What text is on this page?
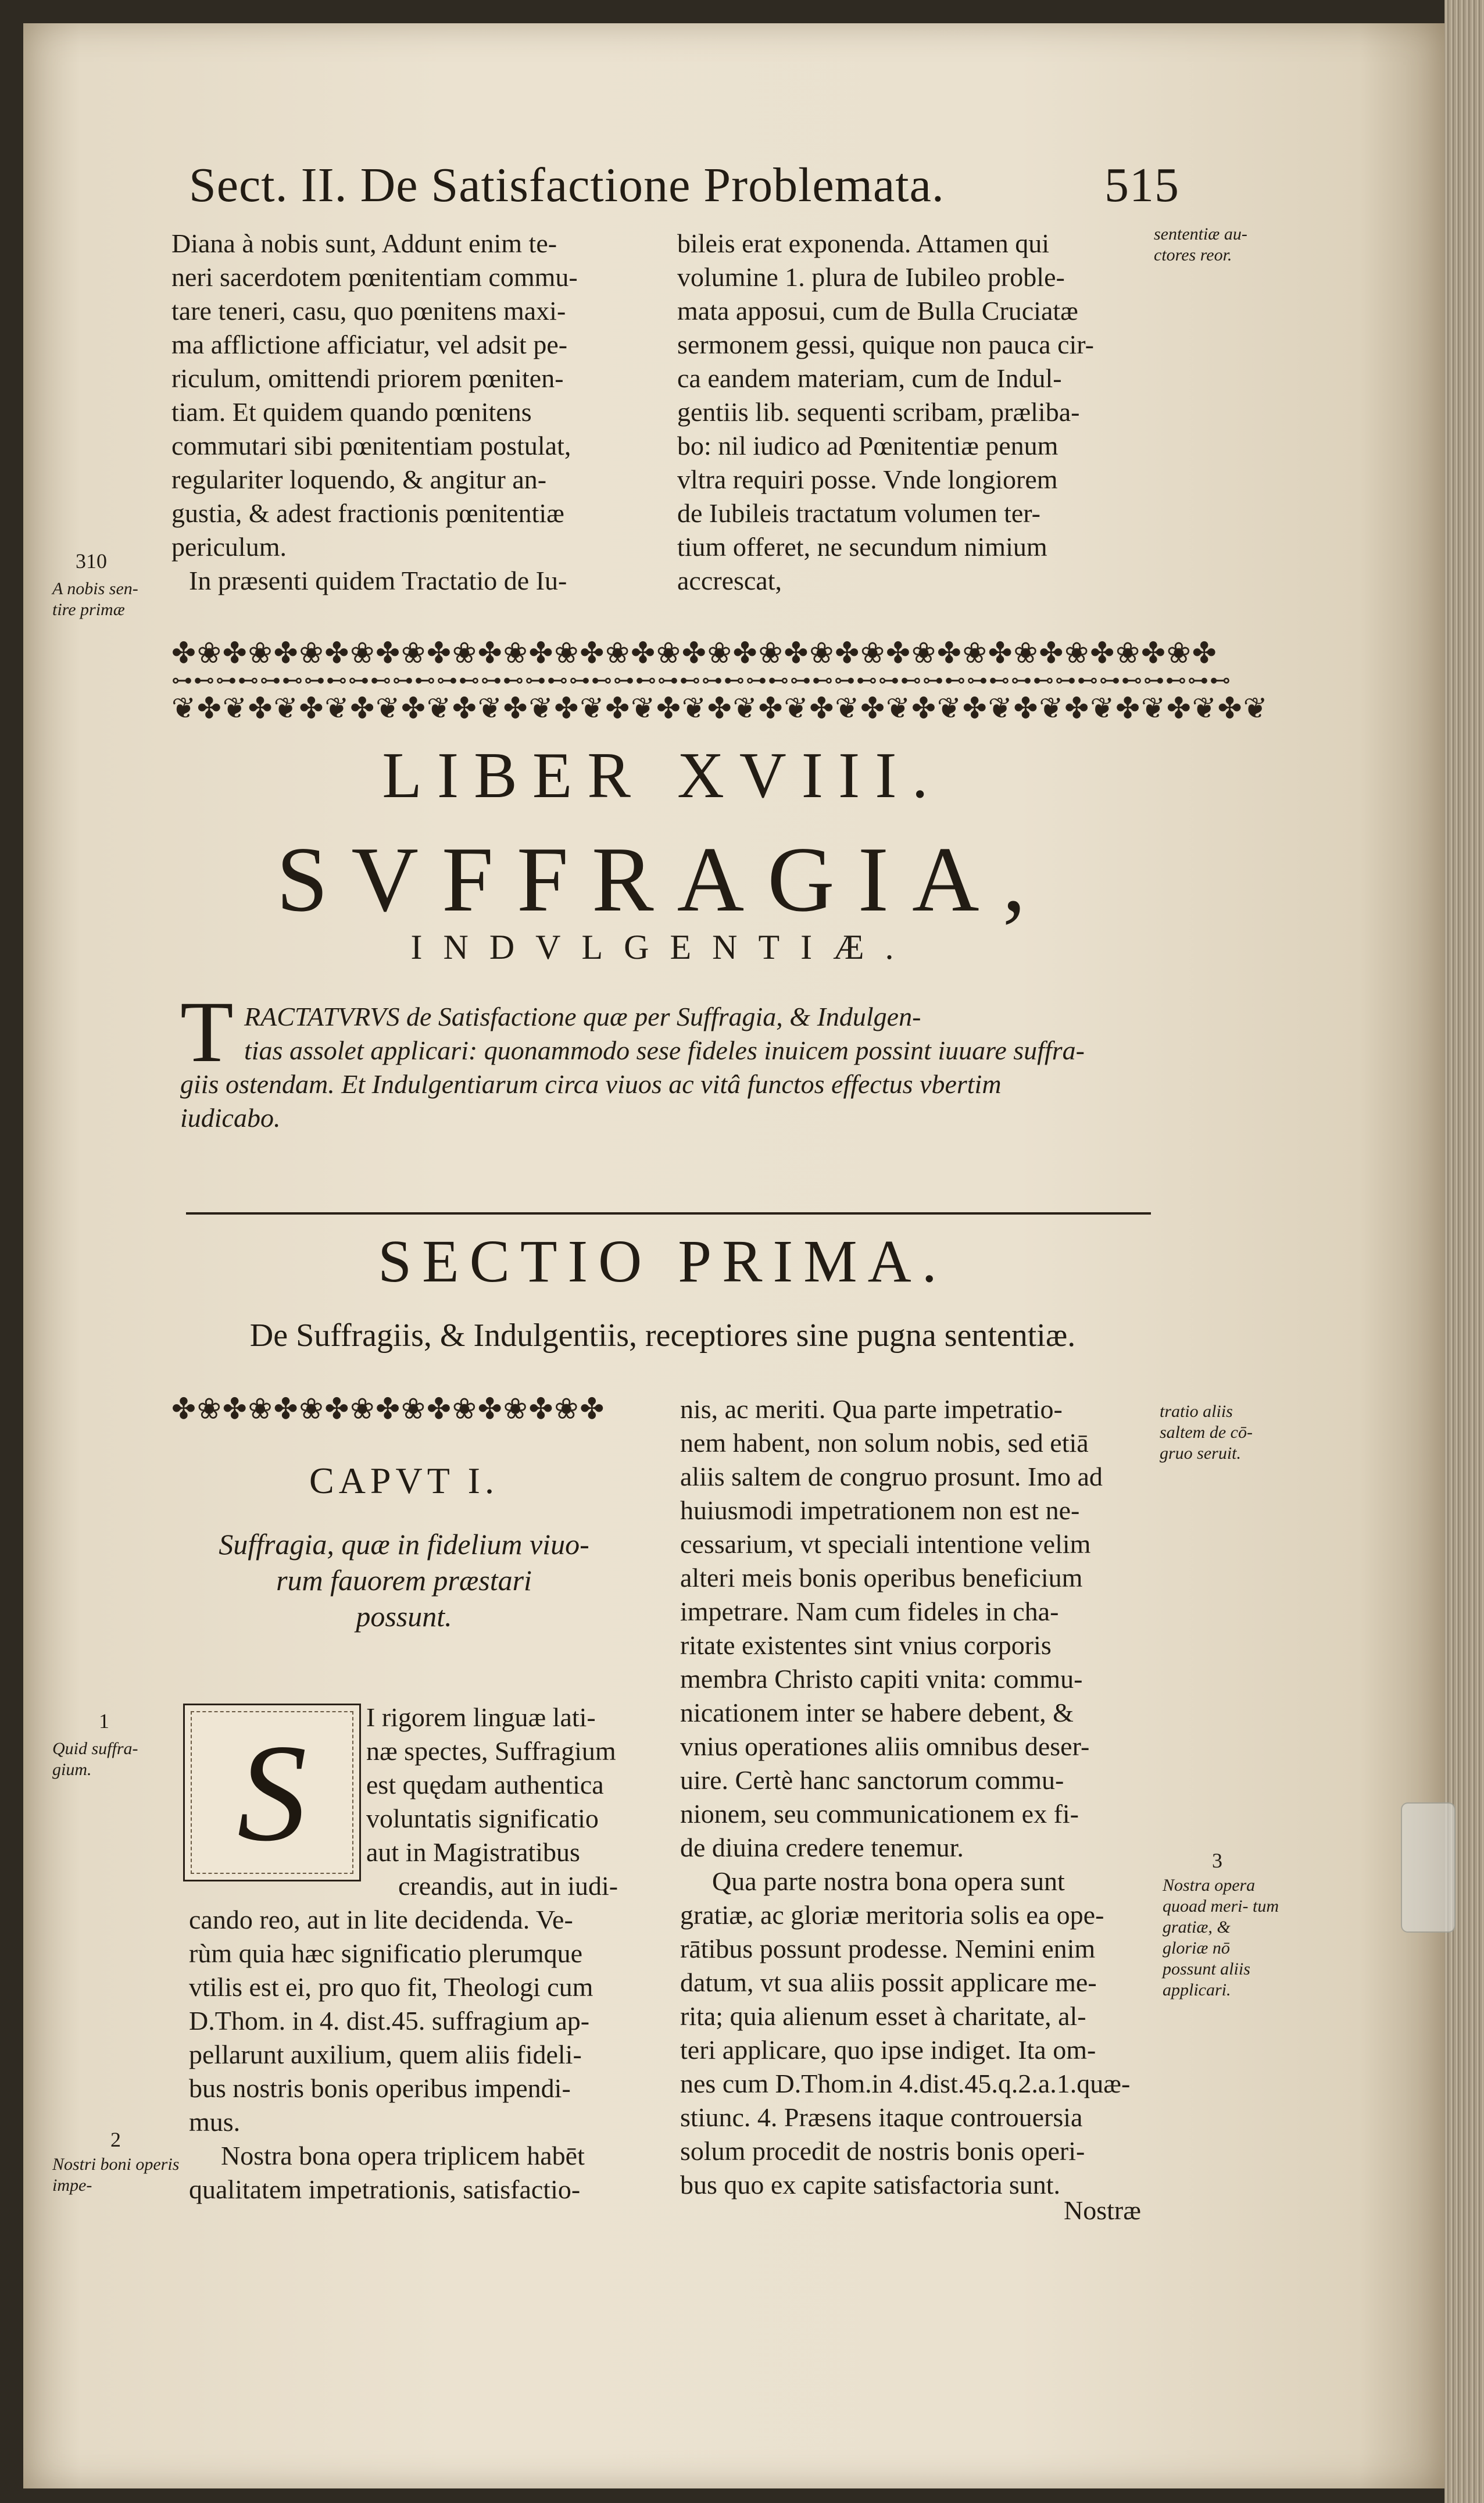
Sect. II. De Satisfactione Problemata.	515

Diana à nobis sunt, Addunt enim te-

neri sacerdotem pœnitentiam commu-

tare teneri, casu, quo pœnitens maxi-

ma afflictione afficiatur, vel adsit pe-

riculum, omittendi priorem pœniten-

tiam. Et quidem quando pœnitens

commutari sibi pœnitentiam postulat,

regulariter loquendo, & angitur an-

gustia, & adest fractionis pœnitentiæ

periculum.

In præsenti quidem Tractatio de Iu-

bileis erat exponenda. Attamen qui

volumine 1. plura de Iubileo proble-

mata apposui, cum de Bulla Cruciatæ

sermonem gessi, quique non pauca cir-

ca eandem materiam, cum de Indul-

gentiis lib. sequenti scribam, prælibа-

bo: nil iudico ad Pœnitentiæ penum

vltra requiri posse. Vnde longiorem

de Iubileis tractatum volumen ter-

tium offeret, ne secundum nimium

accrescat,

sententiæ au- ctores reor.
310
A nobis sen- tire primæ
✤❀✤❀✤❀✤❀✤❀✤❀✤❀✤❀✤❀✤❀✤❀✤❀✤❀✤❀✤❀✤❀✤❀✤❀✤❀✤❀✤
⊶⊷⊶⊷⊶⊷⊶⊷⊶⊷⊶⊷⊶⊷⊶⊷⊶⊷⊶⊷⊶⊷⊶⊷⊶⊷⊶⊷⊶⊷⊶⊷⊶⊷⊶⊷⊶⊷⊶⊷⊶⊷⊶⊷⊶⊷⊶⊷
❦✤❦✤❦✤❦✤❦✤❦✤❦✤❦✤❦✤❦✤❦✤❦✤❦✤❦✤❦✤❦✤❦✤❦✤❦✤❦✤❦✤❦
LIBER XVIII.
SVFFRAGIA,
INDVLGENTIÆ.
T RACTATVRVS de Satisfactione quæ per Suffragia, & Indulgen-

tias assolet applicari: quonammodo sese fideles inuicem possint iuuare suffra-

giis ostendam. Et Indulgentiarum circa viuos ac vitâ functos effectus vbertim

iudicabo.

SECTIO PRIMA.
De Suffragiis, & Indulgentiis, receptiores sine pugna sententiæ.
✤❀✤❀✤❀✤❀✤❀✤❀✤❀✤❀✤
CAPVT I.
Suffragia, quæ in fidelium viuo-
rum fauorem præstari
possunt.
S I rigorem linguæ lati-

næ spectes, Suffragium

est quędam authentica

voluntatis significatio

aut in Magistratibus

creandis, aut in iudi-

cando reo, aut in lite decidenda. Ve-

rùm quia hæc significatio plerumque

vtilis est ei, pro quo fit, Theologi cum

D.Thom. in 4. dist.45. suffragium ap-

pellarunt auxilium, quem aliis fideli-

bus nostris bonis operibus impendi-

mus.

Nostra bona opera triplicem habēt

qualitatem impetrationis, satisfactio-

nis, ac meriti. Qua parte impetratio-

nem habent, non solum nobis, sed etiā

aliis saltem de congruo prosunt. Imo ad

huiusmodi impetrationem non est ne-

cessarium, vt speciali intentione velim

alteri meis bonis operibus beneficium

impetrare. Nam cum fideles in cha-

ritate existentes sint vnius corporis

membra Christo capiti vnita: commu-

nicationem inter se habere debent, &

vnius operationes aliis omnibus deser-

uire. Certè hanc sanctorum commu-

nionem, seu communicationem ex fi-

de diuina credere tenemur.

Qua parte nostra bona opera sunt

gratiæ, ac gloriæ meritoria solis ea ope-

rātibus possunt prodesse. Nemini enim

datum, vt sua aliis possit applicare me-

rita; quia alienum esset à charitate, al-

teri applicare, quo ipse indiget. Ita om-

nes cum D.Thom.in 4.dist.45.q.2.a.1.quæ-

stiunc. 4. Præsens itaque controuersia

solum procedit de nostris bonis operi-

bus quo ex capite satisfactoria sunt.

Nostræ
tratio aliis saltem de cō- gruo seruit.
1
Quid suffra- gium.
2
Nostri boni operis impe-
3
Nostra opera quoad meri- tum gratiæ, & gloriæ nō possunt aliis applicari.
